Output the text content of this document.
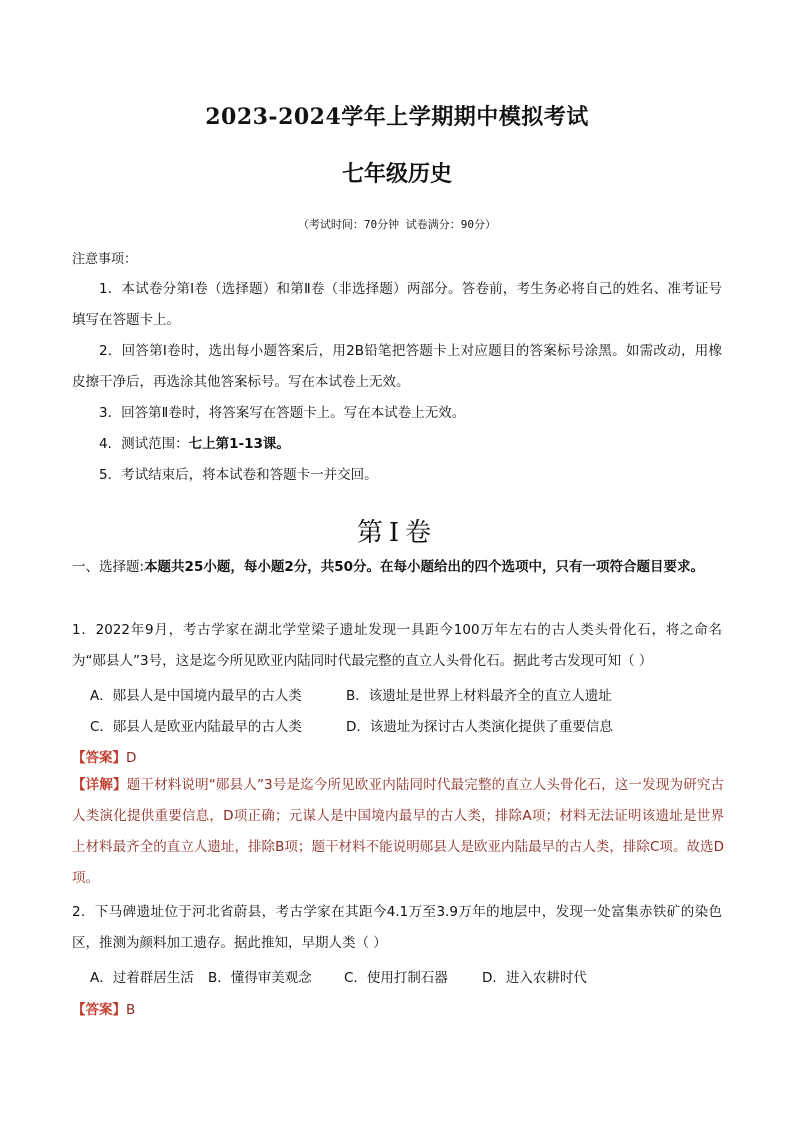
2023-2024学年上学期期中模拟考试
七年级历史
（考试时间：70分钟 试卷满分：90分）
注意事项：
1．本试卷分第Ⅰ卷（选择题）和第Ⅱ卷（非选择题）两部分。答卷前，考生务必将自己的姓名、准考证号填写在答题卡上。
2．回答第Ⅰ卷时，选出每小题答案后，用2B铅笔把答题卡上对应题目的答案标号涂黑。如需改动，用橡皮擦干净后，再选涂其他答案标号。写在本试卷上无效。
3．回答第Ⅱ卷时，将答案写在答题卡上。写在本试卷上无效。
4．测试范围：七上第1-13课。
5．考试结束后，将本试卷和答题卡一并交回。
第Ⅰ卷
一、选择题:本题共25小题，每小题2分，共50分。在每小题给出的四个选项中，只有一项符合题目要求。
1．2022年9月，考古学家在湖北学堂梁子遗址发现一具距今100万年左右的古人类头骨化石，将之命名为“郧县人”3号，这是迄今所见欧亚内陆同时代最完整的直立人头骨化石。据此考古发现可知（ ）
A．郧县人是中国境内最早的古人类	B．该遗址是世界上材料最齐全的直立人遗址
C．郧县人是欧亚内陆最早的古人类	D．该遗址为探讨古人类演化提供了重要信息
【答案】D
【详解】题干材料说明“郧县人”3号是迄今所见欧亚内陆同时代最完整的直立人头骨化石，这一发现为研究古人类演化提供重要信息，D项正确；元谋人是中国境内最早的古人类，排除A项；材料无法证明该遗址是世界上材料最齐全的直立人遗址，排除B项；题干材料不能说明郧县人是欧亚内陆最早的古人类，排除C项。故选D项。
2．下马碑遗址位于河北省蔚县，考古学家在其距今4.1万至3.9万年的地层中，发现一处富集赤铁矿的染色区，推测为颜料加工遗存。据此推知，早期人类（ ）
A．过着群居生活 B．懂得审美观念 C．使用打制石器	D．进入农耕时代
【答案】B
